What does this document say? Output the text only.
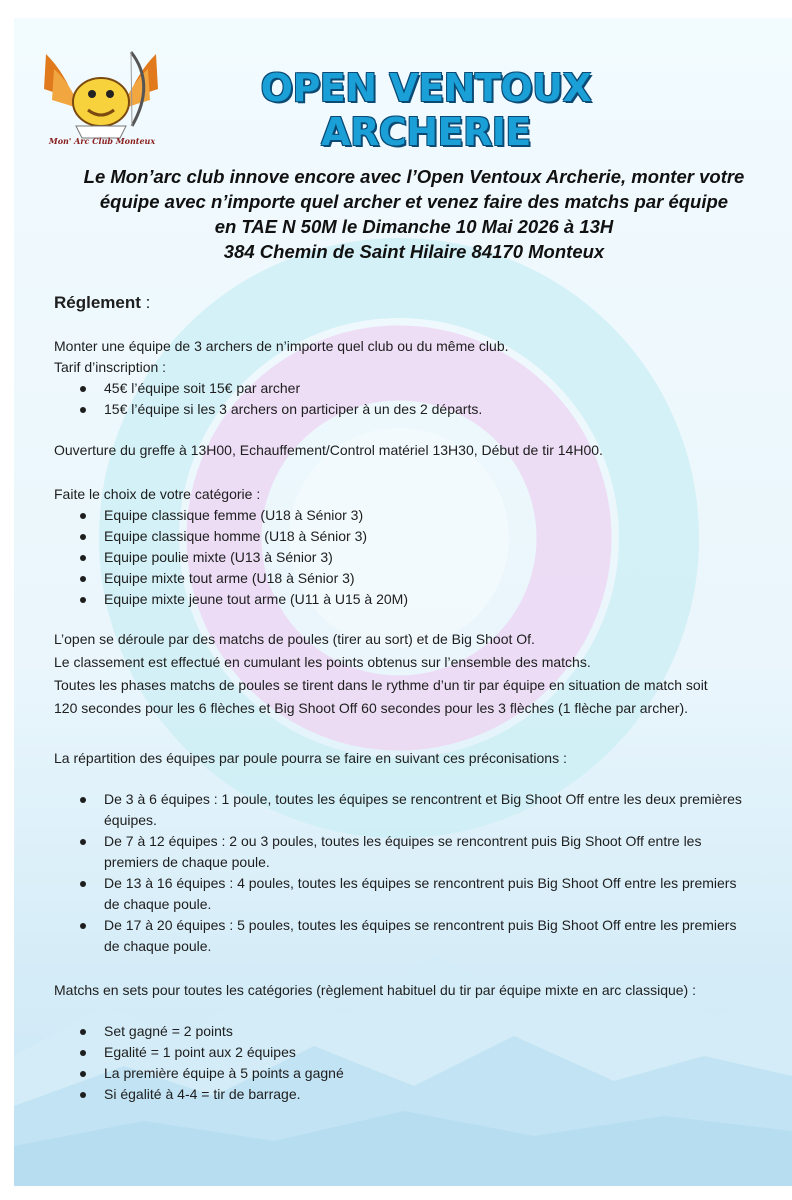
Mon' Arc Club Monteux
OPEN VENTOUX ARCHERIE
Le Mon’arc club innove encore avec l’Open Ventoux Archerie, monter votre
équipe avec n’importe quel archer et venez faire des matchs par équipe
en TAE N 50M le Dimanche 10 Mai 2026 à 13H
384 Chemin de Saint Hilaire 84170 Monteux

Réglement :

Monter une équipe de 3 archers de n’importe quel club ou du même club.

Tarif d’inscription :

45€ l’équipe soit 15€ par archer
15€ l’équipe si les 3 archers on participer à un des 2 départs.

Ouverture du greffe à 13H00, Echauffement/Control matériel 13H30, Début de tir 14H00.

Faite le choix de votre catégorie :

Equipe classique femme (U18 à Sénior 3)
Equipe classique homme (U18 à Sénior 3)
Equipe poulie mixte (U13 à Sénior 3)
Equipe mixte tout arme (U18 à Sénior 3)
Equipe mixte jeune tout arme (U11 à U15 à 20M)

L’open se déroule par des matchs de poules (tirer au sort) et de Big Shoot Of.

Le classement est effectué en cumulant les points obtenus sur l’ensemble des matchs.

Toutes les phases matchs de poules se tirent dans le rythme d’un tir par équipe en situation de match soit

120 secondes pour les 6 flèches et Big Shoot Off 60 secondes pour les 3 flèches (1 flèche par archer).

La répartition des équipes par poule pourra se faire en suivant ces préconisations :

De 3 à 6 équipes : 1 poule, toutes les équipes se rencontrent et Big Shoot Off entre les deux premières équipes.
De 7 à 12 équipes : 2 ou 3 poules, toutes les équipes se rencontrent puis Big Shoot Off entre les premiers de chaque poule.
De 13 à 16 équipes : 4 poules, toutes les équipes se rencontrent puis Big Shoot Off entre les premiers de chaque poule.
De 17 à 20 équipes : 5 poules, toutes les équipes se rencontrent puis Big Shoot Off entre les premiers de chaque poule.

Matchs en sets pour toutes les catégories (règlement habituel du tir par équipe mixte en arc classique) :

Set gagné = 2 points
Egalité = 1 point aux 2 équipes
La première équipe à 5 points a gagné
Si égalité à 4-4 = tir de barrage.
